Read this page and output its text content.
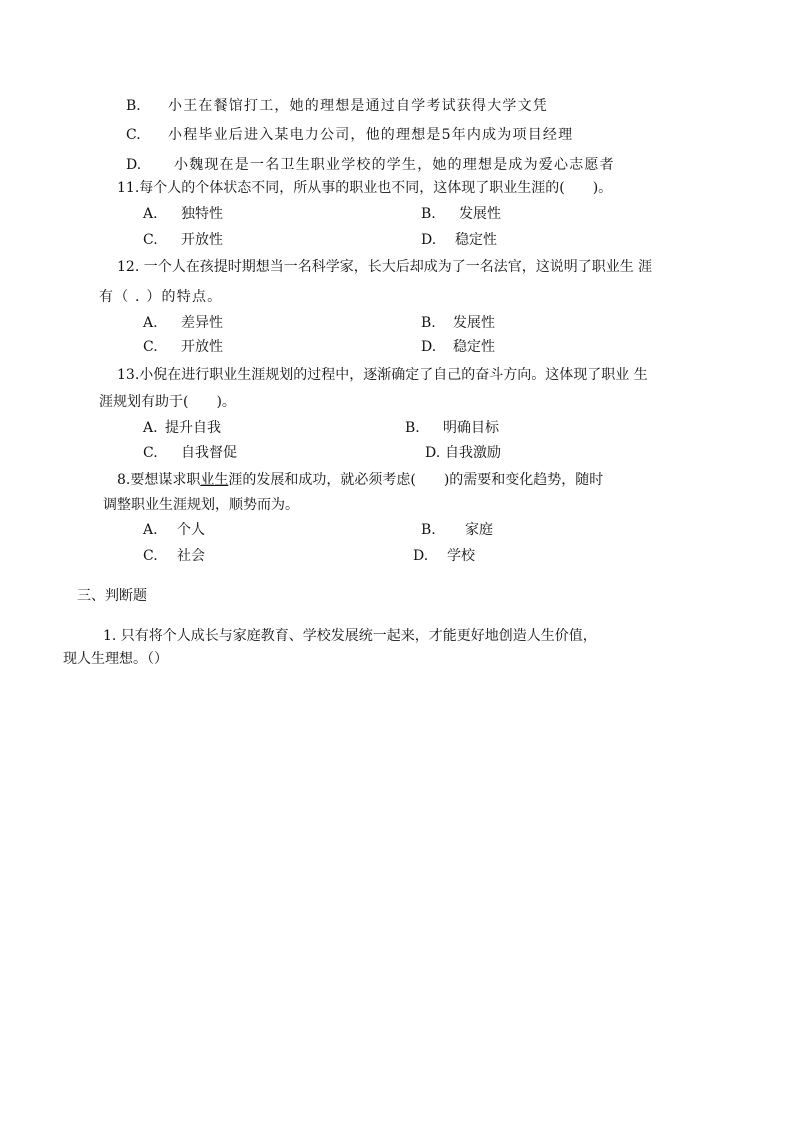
B. 小王在餐馆打工，她的理想是通过自学考试获得大学文凭
C. 小程毕业后进入某电力公司，他的理想是5年内成为项目经理
D. 小魏现在是一名卫生职业学校的学生，她的理想是成为爱心志愿者
11.每个人的个体状态不同，所从事的职业也不同，这体现了职业生涯的(　　)。
A. 独特性	B. 发展性
C. 开放性	D. 稳定性
12. 一个人在孩提时期想当一名科学家，长大后却成为了一名法官，这说明了职业生 涯
有（ . ）的特点。
A. 差异性	B. 发展性
C. 开放性	D. 稳定性
13.小倪在进行职业生涯规划的过程中，逐渐确定了自己的奋斗方向。这体现了职业 生
涯规划有助于(　　)。
A. 提升自我	B. 明确目标
C. 自我督促	D. 自我激励
8.要想谋求职业生涯的发展和成功，就必须考虑(　　)的需要和变化趋势，随时
调整职业生涯规划，顺势而为。
A. 个人	B. 家庭
C. 社会	D. 学校
三、判断题
1. 只有将个人成长与家庭教育、学校发展统一起来，才能更好地创造人生价值，
现人生理想。（）
